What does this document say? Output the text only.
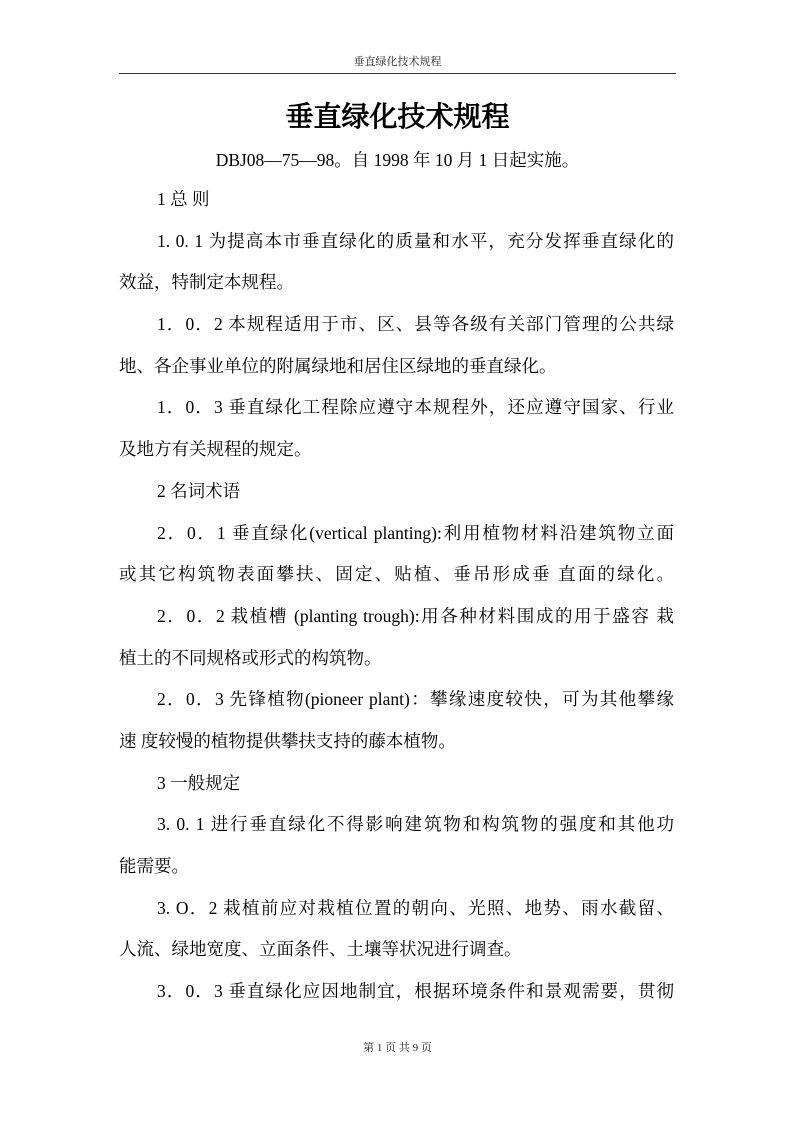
垂直绿化技术规程
垂直绿化技术规程
DBJ08—75—98。自 1998 年 10 月 1 日起实施。
1 总 则
1. 0. 1 为提高本市垂直绿化的质量和水平，充分发挥垂直绿化的
效益，特制定本规程。
1．0．2 本规程适用于市、区、县等各级有关部门管理的公共绿
地、各企事业单位的附属绿地和居住区绿地的垂直绿化。
1．0．3 垂直绿化工程除应遵守本规程外，还应遵守国家、行业
及地方有关规程的规定。
2 名词术语
2．0．1 垂直绿化(vertical planting):利用植物材料沿建筑物立面
或其它构筑物表面攀扶、固定、贴植、垂吊形成垂 直面的绿化。
2．0．2 栽植槽 (planting trough):用各种材料围成的用于盛容 栽
植土的不同规格或形式的构筑物。
2．0．3 先锋植物(pioneer plant)：攀缘速度较快，可为其他攀缘
速 度较慢的植物提供攀扶支持的藤本植物。
3 一般规定
3. 0. 1 进行垂直绿化不得影响建筑物和构筑物的强度和其他功
能需要。
3. O．2 栽植前应对栽植位置的朝向、光照、地势、雨水截留、
人流、绿地宽度、立面条件、土壤等状况进行调查。
3．0．3 垂直绿化应因地制宜，根据环境条件和景观需要，贯彻
第 1 页 共 9 页
